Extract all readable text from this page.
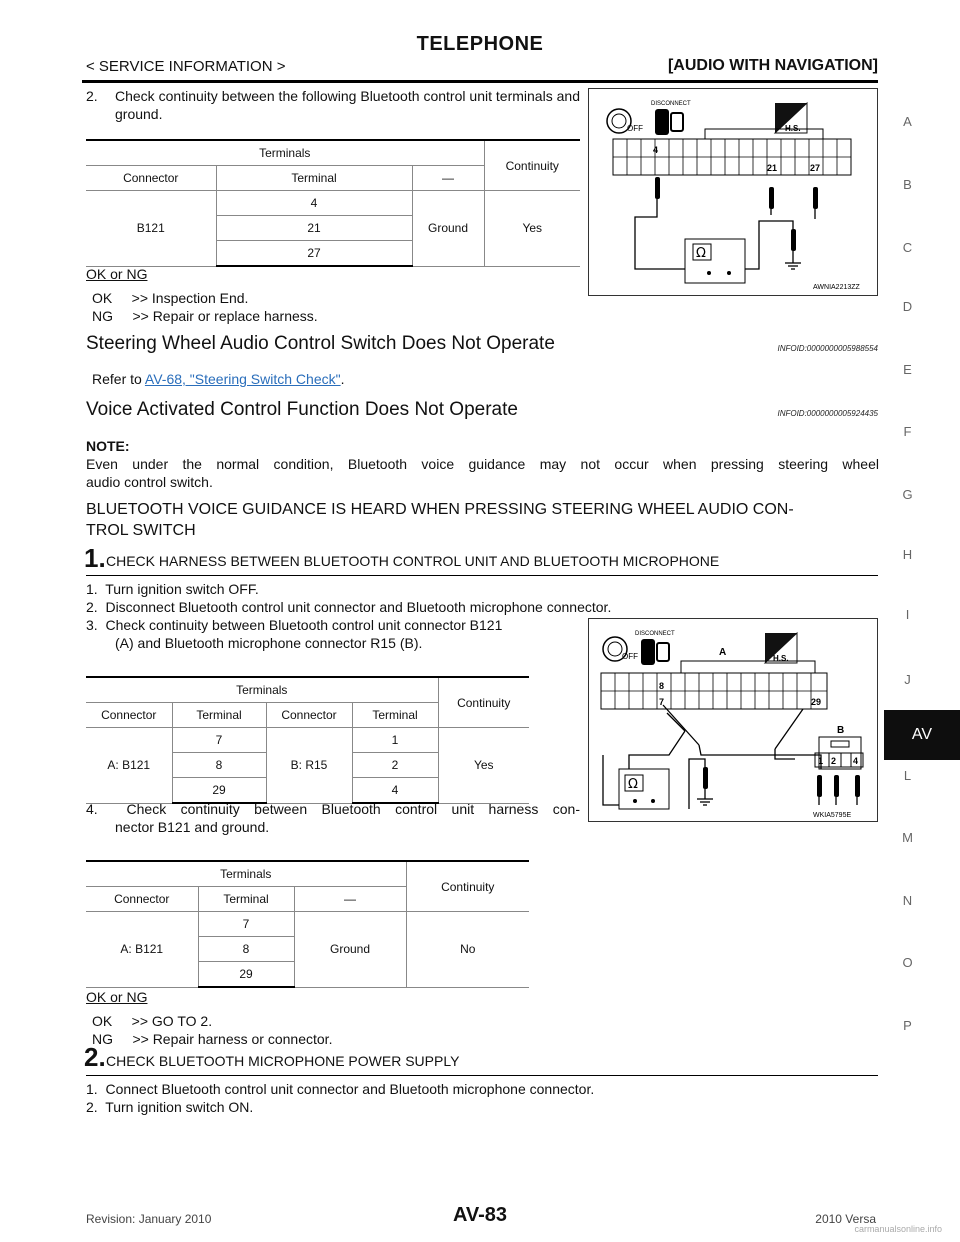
TELEPHONE
< SERVICE INFORMATION >	[AUDIO WITH NAVIGATION]
A
B
C
D
E
F
G
H
I
J
L
M
N
O
P
AV
2. Check continuity between the following Bluetooth control unit terminals and ground.
Terminals			Continuity
Connector	Terminal	—	
B121	4	Ground	Yes
	21		
	27		
OK or NG
OK     >> Inspection End.
NG     >> Repair or replace harness.
OFF
DISCONNECT
H.S.
4
21	27
Ω
AWNIA2213ZZ
Steering Wheel Audio Control Switch Does Not Operate	INFOID:0000000005988554
Refer to AV-68, "Steering Switch Check".
Voice Activated Control Function Does Not Operate	INFOID:0000000005924435
NOTE:
Even under the normal condition, Bluetooth voice guidance may not occur when pressing steering wheel
audio control switch.
BLUETOOTH VOICE GUIDANCE IS HEARD WHEN PRESSING STEERING WHEEL AUDIO CON-
TROL SWITCH
1. CHECK HARNESS BETWEEN BLUETOOTH CONTROL UNIT AND BLUETOOTH MICROPHONE
1.  Turn ignition switch OFF.
2.  Disconnect Bluetooth control unit connector and Bluetooth microphone connector.
3.  Check continuity between Bluetooth control unit connector B121
(A) and Bluetooth microphone connector R15 (B).
Terminals				Continuity
Connector	Terminal	Connector	Terminal	
A: B121	7	B: R15	1	Yes
	8		2	
	29		4	
4.  Check continuity between Bluetooth control unit harness con-
nector B121 and ground.
OFF
DISCONNECT
H.S.
A
8
7	29
B
1 2 4
Ω
WKIA5795E
Terminals			Continuity
Connector	Terminal	—	
A: B121	7	Ground	No
	8		
	29		
OK or NG
OK     >> GO TO 2.
NG     >> Repair harness or connector.
2. CHECK BLUETOOTH MICROPHONE POWER SUPPLY
1.  Connect Bluetooth control unit connector and Bluetooth microphone connector.
2.  Turn ignition switch ON.
Revision: January 2010	AV-83	2010 Versa
carmanualsonline.info
